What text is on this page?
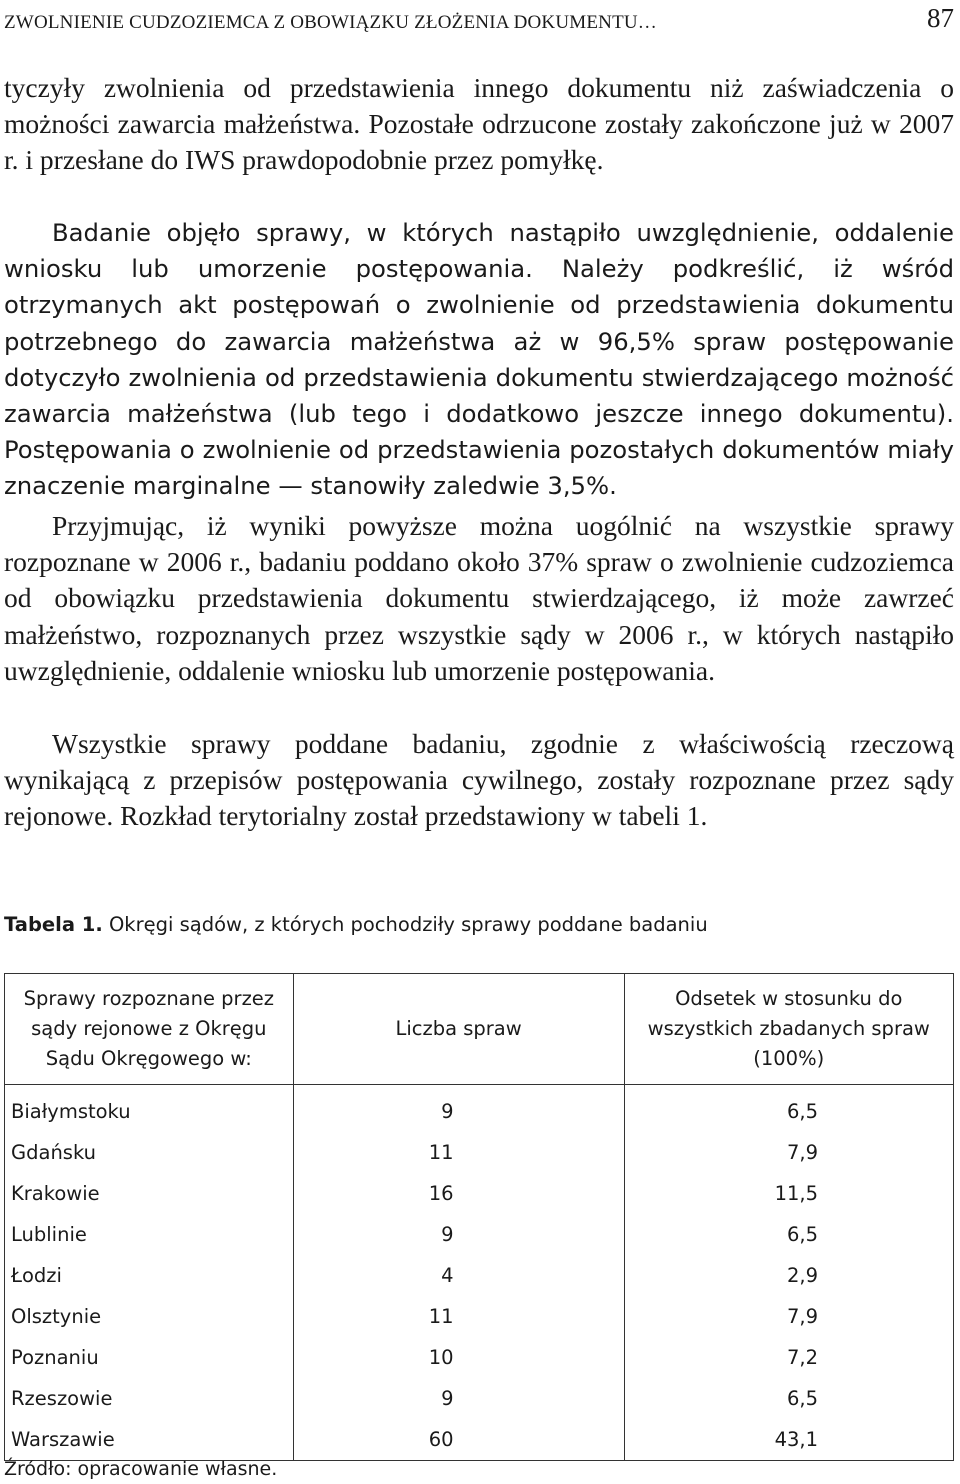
ZWOLNIENIE CUDZOZIEMCA Z OBOWIĄZKU ZŁOŻENIA DOKUMENTU…	87

tyczyły zwolnienia od przedstawienia innego dokumentu niż zaświadczenia o możności zawarcia małżeństwa. Pozostałe odrzucone zostały zakończone już w 2007 r. i przesłane do IWS prawdopodobnie przez pomyłkę.

Badanie objęło sprawy, w których nastąpiło uwzględnienie, oddalenie wniosku lub umorzenie postępowania. Należy podkreślić, iż wśród otrzymanych akt postępowań o zwolnienie od przedstawienia dokumentu potrzebnego do zawarcia małżeństwa aż w 96,5% spraw postępowanie dotyczyło zwolnienia od przedstawienia dokumentu stwierdzającego możność zawarcia małżeństwa (lub tego i dodatkowo jeszcze innego dokumentu). Postępowania o zwolnienie od przedstawienia pozostałych dokumentów miały znaczenie marginalne — stanowiły zaledwie 3,5%.

Przyjmując, iż wyniki powyższe można uogólnić na wszystkie sprawy rozpoznane w 2006 r., badaniu poddano około 37% spraw o zwolnienie cudzoziemca od obowiązku przedstawienia dokumentu stwierdzającego, iż może zawrzeć małżeństwo, rozpoznanych przez wszystkie sądy w 2006 r., w których nastąpiło uwzględnienie, oddalenie wniosku lub umorzenie postępowania.

Wszystkie sprawy poddane badaniu, zgodnie z właściwością rzeczową wynikającą z przepisów postępowania cywilnego, zostały rozpoznane przez sądy rejonowe. Rozkład terytorialny został przedstawiony w tabeli 1.

Tabela 1. Okręgi sądów, z których pochodziły sprawy poddane badaniu
Sprawy rozpoznane przez sądy rejonowe z Okręgu Sądu Okręgowego w:	Liczba spraw	Odsetek w stosunku do wszystkich zbadanych spraw (100%)
Białymstoku	9	6,5
Gdańsku	11	7,9
Krakowie	16	11,5
Lublinie	9	6,5
Łodzi	4	2,9
Olsztynie	11	7,9
Poznaniu	10	7,2
Rzeszowie	9	6,5
Warszawie	60	43,1
Źródło: opracowanie własne.
